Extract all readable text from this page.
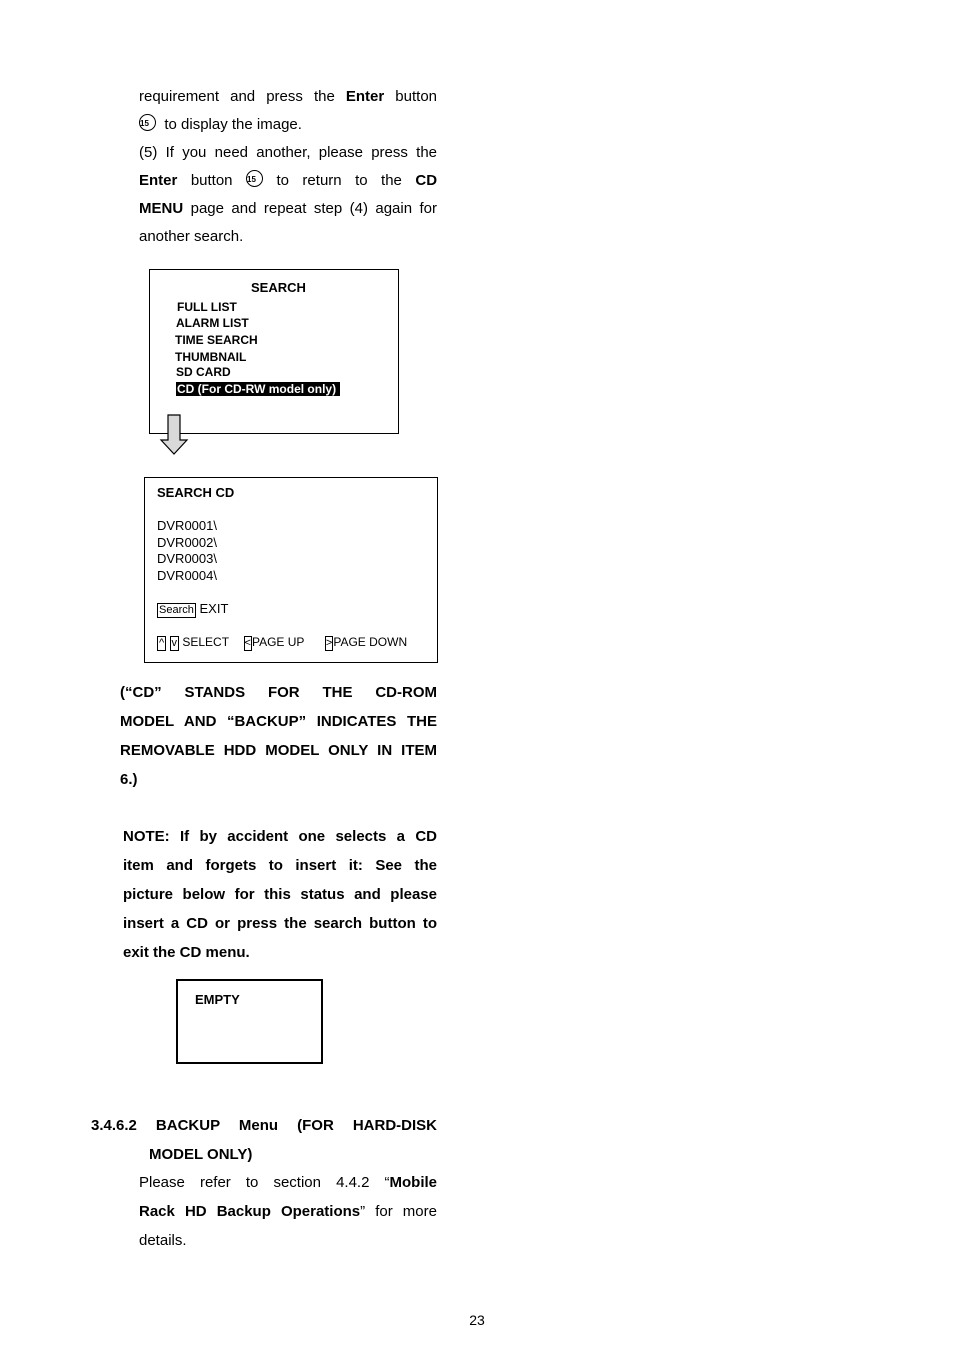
requirement and press the Enter button
15 to display the image.
(5) If you need another, please press the
Enter button 15 to return to the CD
MENU page and repeat step (4) again for
another search.
SEARCH
FULL LIST
ALARM LIST
TIME SEARCH
THUMBNAIL
SD CARD
CD (For CD-RW model only)
SEARCH CD
DVR0001\
DVR0002\
DVR0003\
DVR0004\
Search EXIT
^ v SELECT <PAGE UP >PAGE DOWN
(“CD” STANDS FOR THE CD-ROM
MODEL AND “BACKUP” INDICATES THE
REMOVABLE HDD MODEL ONLY IN ITEM
6.)
NOTE: If by accident one selects a CD
item and forgets to insert it: See the
picture below for this status and please
insert a CD or press the search button to
exit the CD menu.
EMPTY
3.4.6.2 BACKUP Menu (FOR HARD-DISK
MODEL ONLY)
Please refer to section 4.4.2 “Mobile
Rack HD Backup Operations” for more
details.
23
